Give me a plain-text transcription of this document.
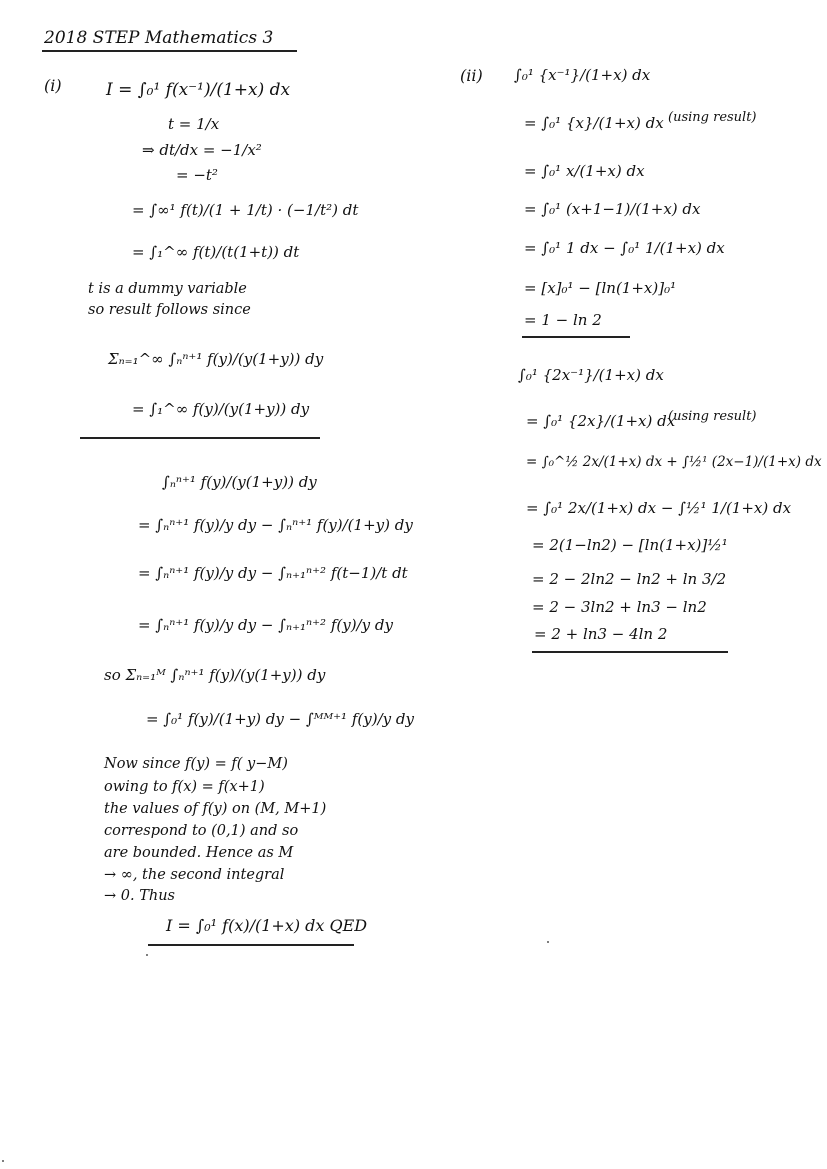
2018 STEP Mathematics 3
(i)	I = ∫₀¹ f(x⁻¹)/(1+x) dx
t = 1/x
⇒ dt/dx = −1/x²
= −t²
= ∫∞¹ f(t)/(1 + 1/t) · (−1/t²) dt
= ∫₁^∞ f(t)/(t(1+t)) dt
t is a dummy variable
so result follows since
Σₙ₌₁^∞ ∫ₙⁿ⁺¹ f(y)/(y(1+y)) dy
= ∫₁^∞ f(y)/(y(1+y)) dy
∫ₙⁿ⁺¹ f(y)/(y(1+y)) dy
= ∫ₙⁿ⁺¹ f(y)/y dy − ∫ₙⁿ⁺¹ f(y)/(1+y) dy
= ∫ₙⁿ⁺¹ f(y)/y dy − ∫ₙ₊₁ⁿ⁺² f(t−1)/t dt
= ∫ₙⁿ⁺¹ f(y)/y dy − ∫ₙ₊₁ⁿ⁺² f(y)/y dy
so Σₙ₌₁ᴹ ∫ₙⁿ⁺¹ f(y)/(y(1+y)) dy
= ∫₀¹ f(y)/(1+y) dy − ∫ᴹᴹ⁺¹ f(y)/y dy
Now since f(y) = f( y−M)
owing to f(x) = f(x+1)
the values of f(y) on (M, M+1)
correspond to (0,1) and so
are bounded. Hence as M
→ ∞, the second integral
→ 0. Thus
I = ∫₀¹ f(x)/(1+x) dx QED
(ii) ∫₀¹ {x⁻¹}/(1+x) dx
= ∫₀¹ {x}/(1+x) dx (using result)
= ∫₀¹ x/(1+x) dx
= ∫₀¹ (x+1−1)/(1+x) dx
= ∫₀¹ 1 dx − ∫₀¹ 1/(1+x) dx
= [x]₀¹ − [ln(1+x)]₀¹
= 1 − ln 2
∫₀¹ {2x⁻¹}/(1+x) dx
= ∫₀¹ {2x}/(1+x) dx
(using result)
= ∫₀^½ 2x/(1+x) dx + ∫½¹ (2x−1)/(1+x) dx
= ∫₀¹ 2x/(1+x) dx − ∫½¹ 1/(1+x) dx
= 2(1−ln2) − [ln(1+x)]½¹
= 2 − 2ln2 − ln2 + ln 3/2
= 2 − 3ln2 + ln3 − ln2
= 2 + ln3 − 4ln 2
